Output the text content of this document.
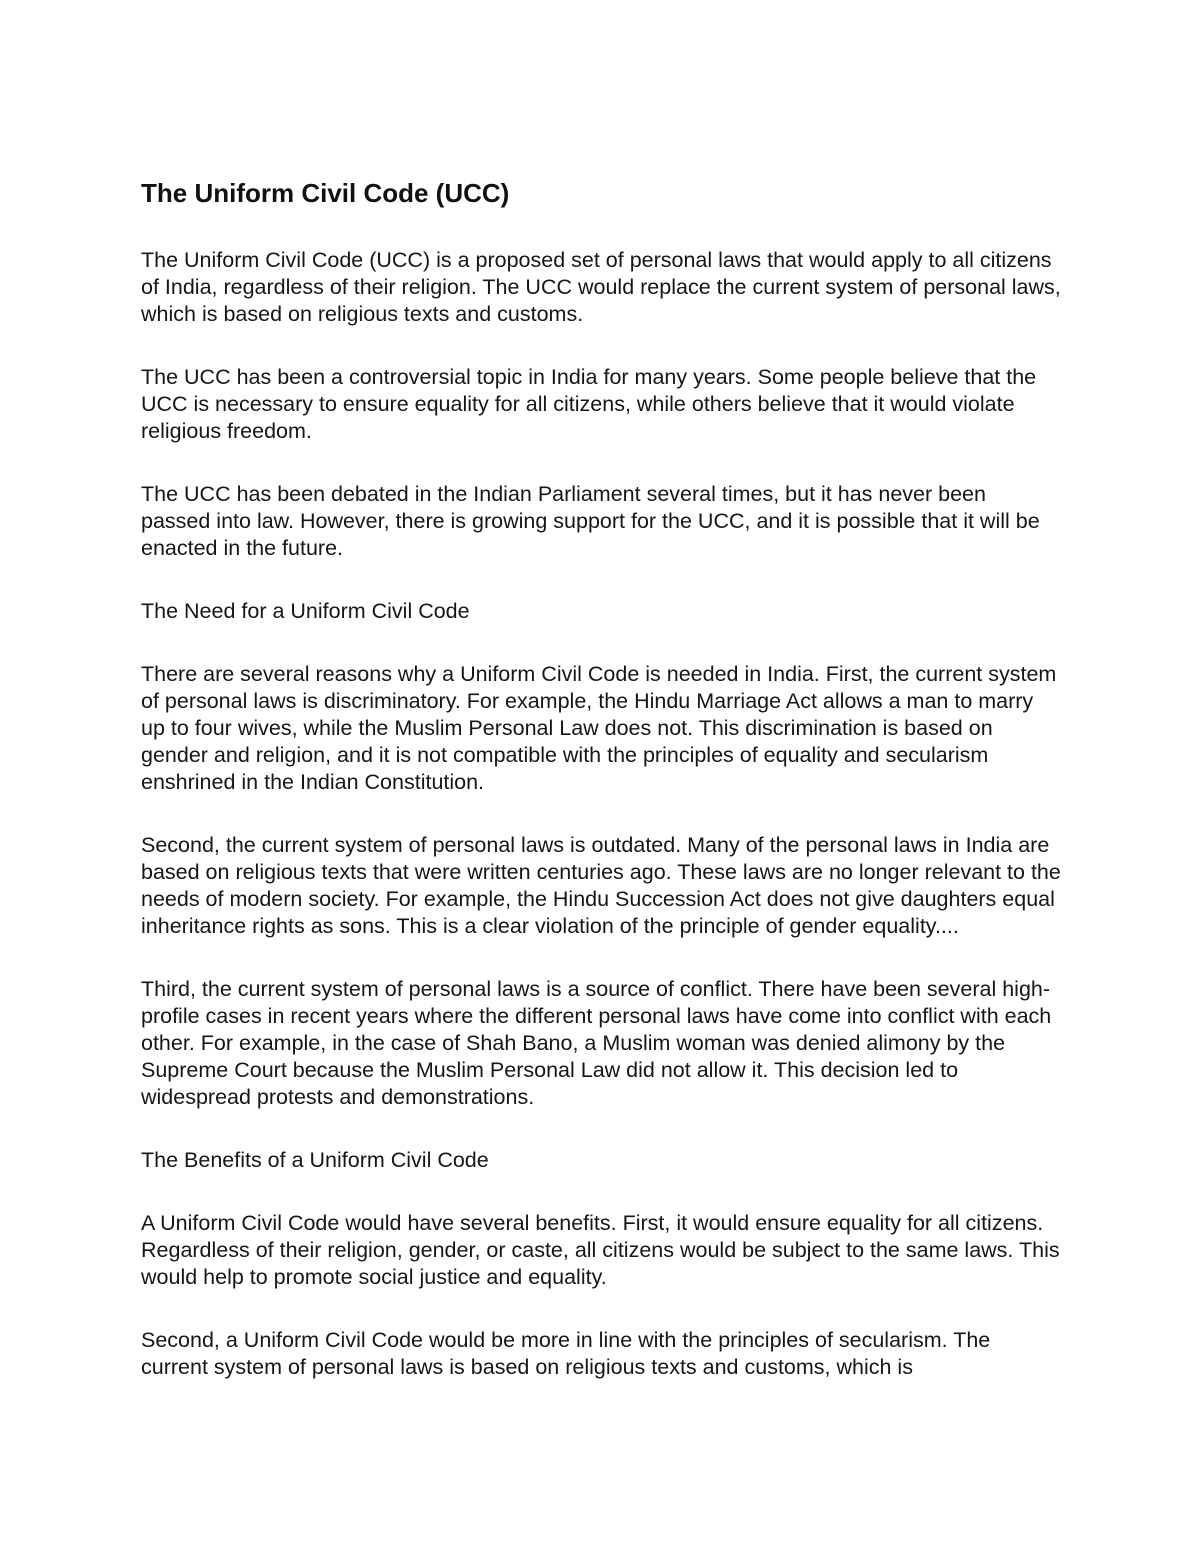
The Uniform Civil Code (UCC)

The Uniform Civil Code (UCC) is a proposed set of personal laws that would apply to all citizens of India, regardless of their religion. The UCC would replace the current system of personal laws, which is based on religious texts and customs.

The UCC has been a controversial topic in India for many years. Some people believe that the UCC is necessary to ensure equality for all citizens, while others believe that it would violate religious freedom.

The UCC has been debated in the Indian Parliament several times, but it has never been passed into law. However, there is growing support for the UCC, and it is possible that it will be enacted in the future.

The Need for a Uniform Civil Code

There are several reasons why a Uniform Civil Code is needed in India. First, the current system of personal laws is discriminatory. For example, the Hindu Marriage Act allows a man to marry up to four wives, while the Muslim Personal Law does not. This discrimination is based on gender and religion, and it is not compatible with the principles of equality and secularism enshrined in the Indian Constitution.

Second, the current system of personal laws is outdated. Many of the personal laws in India are based on religious texts that were written centuries ago. These laws are no longer relevant to the needs of modern society. For example, the Hindu Succession Act does not give daughters equal inheritance rights as sons. This is a clear violation of the principle of gender equality....

Third, the current system of personal laws is a source of conflict. There have been several high-profile cases in recent years where the different personal laws have come into conflict with each other. For example, in the case of Shah Bano, a Muslim woman was denied alimony by the Supreme Court because the Muslim Personal Law did not allow it. This decision led to widespread protests and demonstrations.

The Benefits of a Uniform Civil Code

A Uniform Civil Code would have several benefits. First, it would ensure equality for all citizens. Regardless of their religion, gender, or caste, all citizens would be subject to the same laws. This would help to promote social justice and equality.

Second, a Uniform Civil Code would be more in line with the principles of secularism. The current system of personal laws is based on religious texts and customs, which is
